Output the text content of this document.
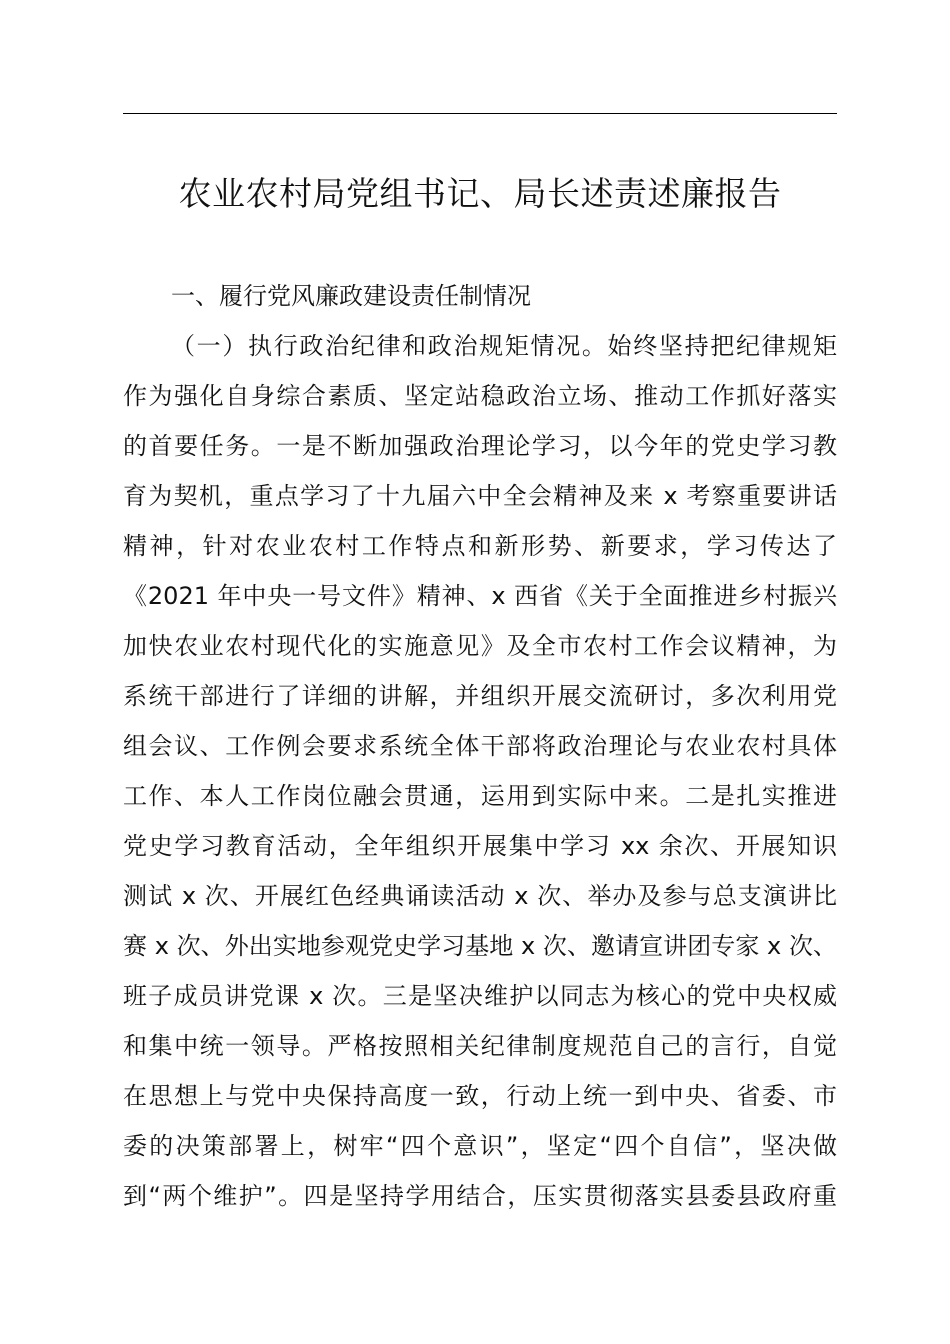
农业农村局党组书记、局长述责述廉报告
一、履行党风廉政建设责任制情况
（一）执行政治纪律和政治规矩情况。始终坚持把纪律规矩
作为强化自身综合素质、坚定站稳政治立场、推动工作抓好落实
的首要任务。一是不断加强政治理论学习，以今年的党史学习教
育为契机，重点学习了十九届六中全会精神及来 x 考察重要讲话
精神，针对农业农村工作特点和新形势、新要求，学习传达了
《2021 年中央一号文件》精神、x 西省《关于全面推进乡村振兴
加快农业农村现代化的实施意见》及全市农村工作会议精神，为
系统干部进行了详细的讲解，并组织开展交流研讨，多次利用党
组会议、工作例会要求系统全体干部将政治理论与农业农村具体
工作、本人工作岗位融会贯通，运用到实际中来。二是扎实推进
党史学习教育活动，全年组织开展集中学习 xx 余次、开展知识
测试 x 次、开展红色经典诵读活动 x 次、举办及参与总支演讲比
赛 x 次、外出实地参观党史学习基地 x 次、邀请宣讲团专家 x 次、
班子成员讲党课 x 次。三是坚决维护以同志为核心的党中央权威
和集中统一领导。严格按照相关纪律制度规范自己的言行，自觉
在思想上与党中央保持高度一致，行动上统一到中央、省委、市
委的决策部署上，树牢“四个意识”，坚定“四个自信”，坚决做
到“两个维护”。四是坚持学用结合，压实贯彻落实县委县政府重
